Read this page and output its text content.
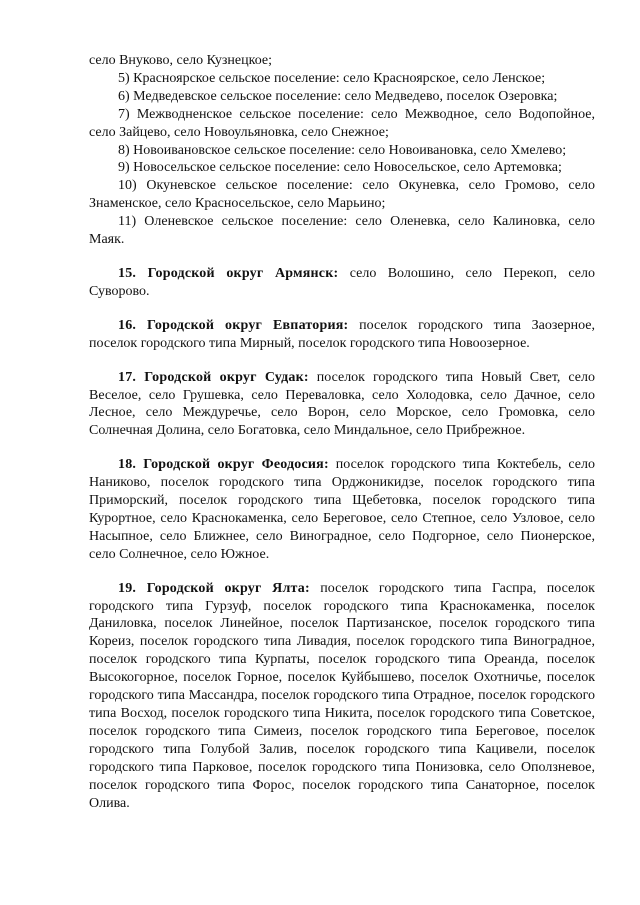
село Внуково, село Кузнецкое;

5) Красноярское сельское поселение: село Красноярское, село Ленское;

6) Медведевское сельское поселение: село Медведево, поселок Озеровка;

7) Межводненское сельское поселение: село Межводное, село Водопойное, село Зайцево, село Новоульяновка, село Снежное;

8) Новоивановское сельское поселение: село Новоивановка, село Хмелево;

9) Новосельское сельское поселение: село Новосельское, село Артемовка;

10) Окуневское сельское поселение: село Окуневка, село Громово, село Знаменское, село Красносельское, село Марьино;

11) Оленевское сельское поселение: село Оленевка, село Калиновка, село Маяк.

15. Городской округ Армянск: село Волошино, село Перекоп, село Суворово.

16. Городской округ Евпатория: поселок городского типа Заозерное, поселок городского типа Мирный, поселок городского типа Новоозерное.

17. Городской округ Судак: поселок городского типа Новый Свет, село Веселое, село Грушевка, село Переваловка, село Холодовка, село Дачное, село Лесное, село Междуречье, село Ворон, село Морское, село Громовка, село Солнечная Долина, село Богатовка, село Миндальное, село Прибрежное.

18. Городской округ Феодосия: поселок городского типа Коктебель, село Наниково, поселок городского типа Орджоникидзе, поселок городского типа Приморский, поселок городского типа Щебетовка, поселок городского типа Курортное, село Краснокаменка, село Береговое, село Степное, село Узловое, село Насыпное, село Ближнее, село Виноградное, село Подгорное, село Пионерское, село Солнечное, село Южное.

19. Городской округ Ялта: поселок городского типа Гаспра, поселок городского типа Гурзуф, поселок городского типа Краснокаменка, поселок Даниловка, поселок Линейное, поселок Партизанское, поселок городского типа Кореиз, поселок городского типа Ливадия, поселок городского типа Виноградное, поселок городского типа Курпаты, поселок городского типа Ореанда, поселок Высокогорное, поселок Горное, поселок Куйбышево, поселок Охотничье, поселок городского типа Массандра, поселок городского типа Отрадное, поселок городского типа Восход, поселок городского типа Никита, поселок городского типа Советское, поселок городского типа Симеиз, поселок городского типа Береговое, поселок городского типа Голубой Залив, поселок городского типа Кацивели, поселок городского типа Парковое, поселок городского типа Понизовка, село Оползневое, поселок городского типа Форос, поселок городского типа Санаторное, поселок Олива.
